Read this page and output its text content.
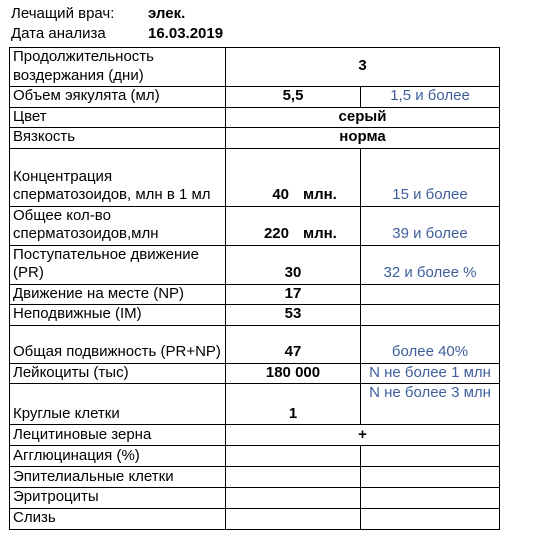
Лечащий врач: элек.
Дата анализа	16.03.2019
Продолжительность воздержания (дни)	3	
Объем эякулята (мл)	5,5	1,5 и более
Цвет	серый	
Вязкость	норма	
Концентрация сперматозоидов, млн в 1 мл	40 млн.	15 и более
Общее кол-во сперматозоидов,млн	220 млн.	39 и более
Поступательное движение (PR)	30	32 и более %
Движение на месте (NP)	17	

Неподвижные (IM)	53	

Общая подвижность (PR+NP)	47	более 40%
Лейкоциты (тыс)	180 000	N не более 1 млн
Круглые клетки	1	N не более 3 млн
Лецитиновые зерна	+	
Агглюцинация (%)	

Эпителиальные клетки	

Эритроциты	

Слизь	
